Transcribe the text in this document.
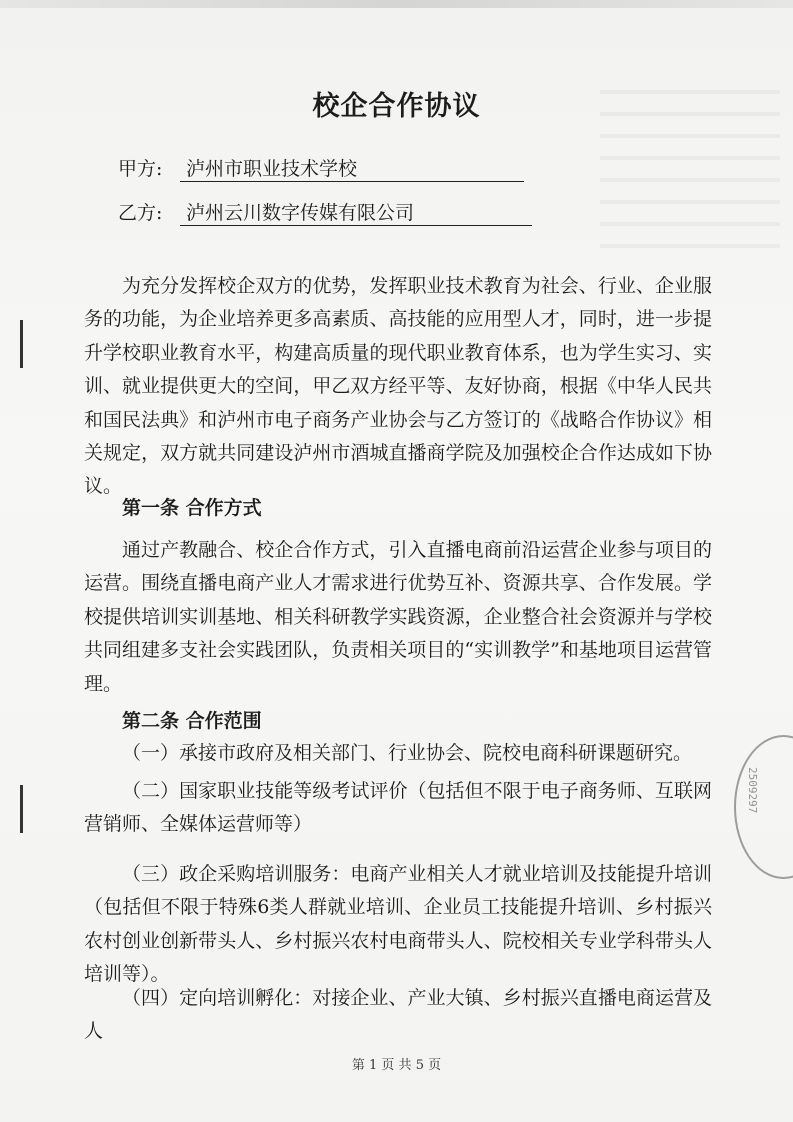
2509297
校企合作协议
甲方: 泸州市职业技术学校
乙方: 泸州云川数字传媒有限公司

为充分发挥校企双方的优势，发挥职业技术教育为社会、行业、企业服务的功能，为企业培养更多高素质、高技能的应用型人才，同时，进一步提升学校职业教育水平，构建高质量的现代职业教育体系，也为学生实习、实训、就业提供更大的空间，甲乙双方经平等、友好协商，根据《中华人民共和国民法典》和泸州市电子商务产业协会与乙方签订的《战略合作协议》相关规定，双方就共同建设泸州市酒城直播商学院及加强校企合作达成如下协议。

第一条 合作方式

通过产教融合、校企合作方式，引入直播电商前沿运营企业参与项目的运营。围绕直播电商产业人才需求进行优势互补、资源共享、合作发展。学校提供培训实训基地、相关科研教学实践资源，企业整合社会资源并与学校共同组建多支社会实践团队，负责相关项目的“实训教学”和基地项目运营管理。

第二条 合作范围

（一）承接市政府及相关部门、行业协会、院校电商科研课题研究。

（二）国家职业技能等级考试评价（包括但不限于电子商务师、互联网营销师、全媒体运营师等）

（三）政企采购培训服务：电商产业相关人才就业培训及技能提升培训（包括但不限于特殊6类人群就业培训、企业员工技能提升培训、乡村振兴农村创业创新带头人、乡村振兴农村电商带头人、院校相关专业学科带头人培训等）。

（四）定向培训孵化：对接企业、产业大镇、乡村振兴直播电商运营及人

第 1 页 共 5 页
